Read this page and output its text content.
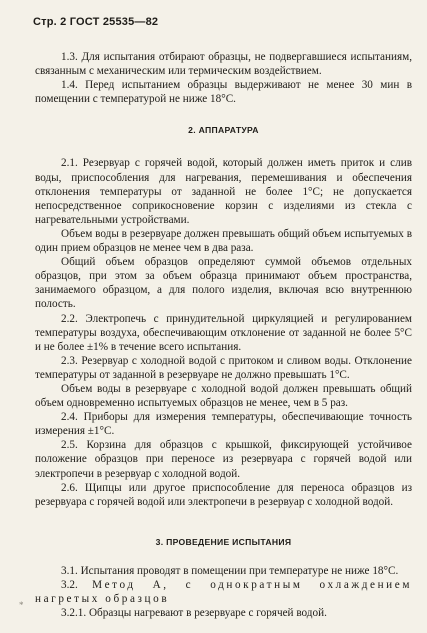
Стр. 2 ГОСТ 25535—82

1.3. Для испытания отбирают образцы, не подвергавшиеся испытаниям, связанным с механическим или термическим воздействием.

1.4. Перед испытанием образцы выдерживают не менее 30 мин в помещении с температурой не ниже 18°С.

2. АППАРАТУРА

2.1. Резервуар с горячей водой, который должен иметь приток и слив воды, приспособления для нагревания, перемешивания и обеспечения отклонения температуры от заданной не более 1°С; не допускается непосредственное соприкосновение корзин с изделиями из стекла с нагревательными устройствами.

Объем воды в резервуаре должен превышать общий объем испытуемых в один прием образцов не менее чем в два раза.

Общий объем образцов определяют суммой объемов отдельных образцов, при этом за объем образца принимают объем пространства, занимаемого образцом, а для полого изделия, включая всю внутреннюю полость.

2.2. Электропечь с принудительной циркуляцией и регулированием температуры воздуха, обеспечивающим отклонение от заданной не более 5°С и не более ±1% в течение всего испытания.

2.3. Резервуар с холодной водой с притоком и сливом воды. Отклонение температуры от заданной в резервуаре не должно превышать 1°С.

Объем воды в резервуаре с холодной водой должен превышать общий объем одновременно испытуемых образцов не менее, чем в 5 раз.

2.4. Приборы для измерения температуры, обеспечивающие точность измерения ±1°С.

2.5. Корзина для образцов с крышкой, фиксирующей устойчивое положение образцов при переносе из резервуара с горячей водой или электропечи в резервуар с холодной водой.

2.6. Щипцы или другое приспособление для переноса образцов из резервуара с горячей водой или электропечи в резервуар с холодной водой.

3. ПРОВЕДЕНИЕ ИСПЫТАНИЯ

3.1. Испытания проводят в помещении при температуре не ниже 18°С.

3.2. Метод А, с однократным охлаждением нагретых образцов

3.2.1. Образцы нагревают в резервуаре с горячей водой.

*
